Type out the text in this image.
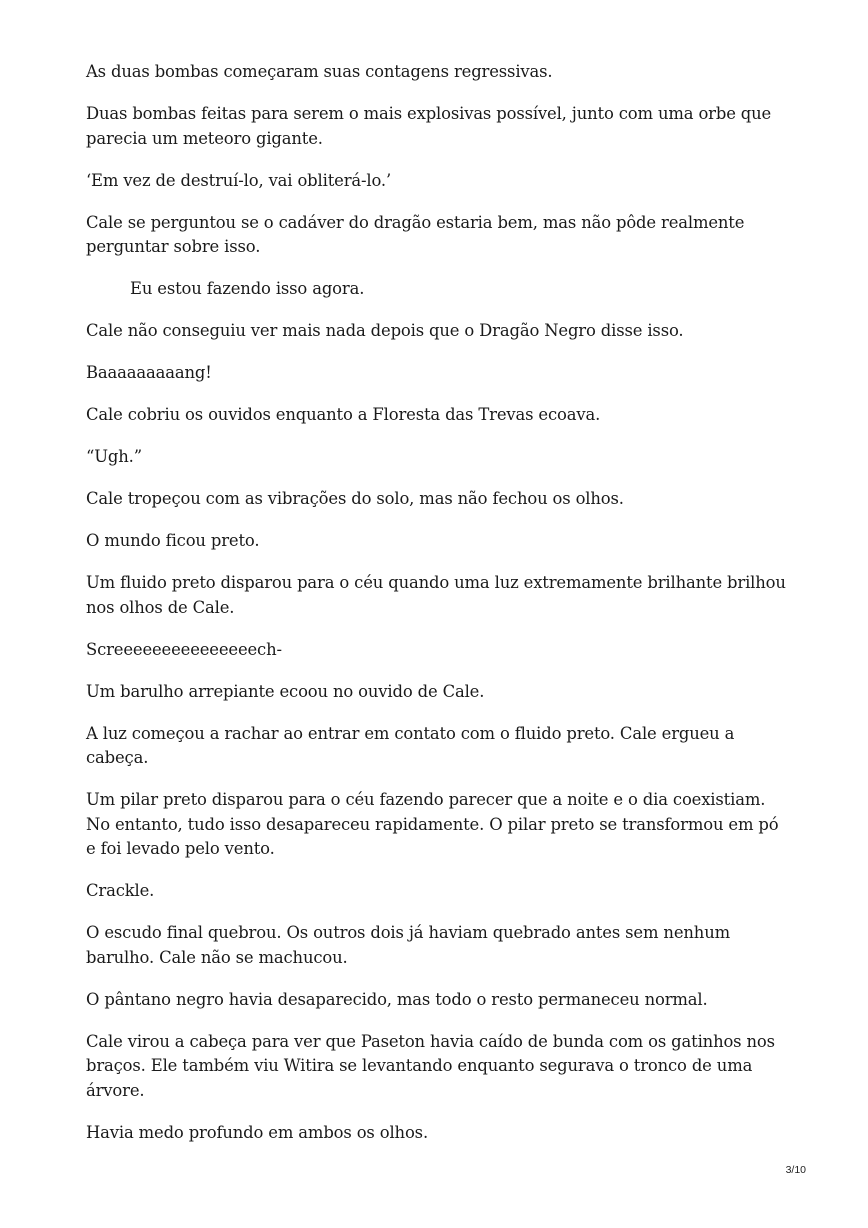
As duas bombas começaram suas contagens regressivas.

Duas bombas feitas para serem o mais explosivas possível, junto com uma orbe que parecia um meteoro gigante.

‘Em vez de destruí-lo, vai obliterá-lo.’

Cale se perguntou se o cadáver do dragão estaria bem, mas não pôde realmente perguntar sobre isso.

Eu estou fazendo isso agora.

Cale não conseguiu ver mais nada depois que o Dragão Negro disse isso.

Baaaaaaaaang!

Cale cobriu os ouvidos enquanto a Floresta das Trevas ecoava.

“Ugh.”

Cale tropeçou com as vibrações do solo, mas não fechou os olhos.

O mundo ficou preto.

Um fluido preto disparou para o céu quando uma luz extremamente brilhante brilhou nos olhos de Cale.

Screeeeeeeeeeeeeeech-

Um barulho arrepiante ecoou no ouvido de Cale.

A luz começou a rachar ao entrar em contato com o fluido preto. Cale ergueu a cabeça.

Um pilar preto disparou para o céu fazendo parecer que a noite e o dia coexistiam. No entanto, tudo isso desapareceu rapidamente. O pilar preto se transformou em pó e foi levado pelo vento.

Crackle.

O escudo final quebrou. Os outros dois já haviam quebrado antes sem nenhum barulho. Cale não se machucou.

O pântano negro havia desaparecido, mas todo o resto permaneceu normal.

Cale virou a cabeça para ver que Paseton havia caído de bunda com os gatinhos nos braços. Ele também viu Witira se levantando enquanto segurava o tronco de uma árvore.

Havia medo profundo em ambos os olhos.

3/10
